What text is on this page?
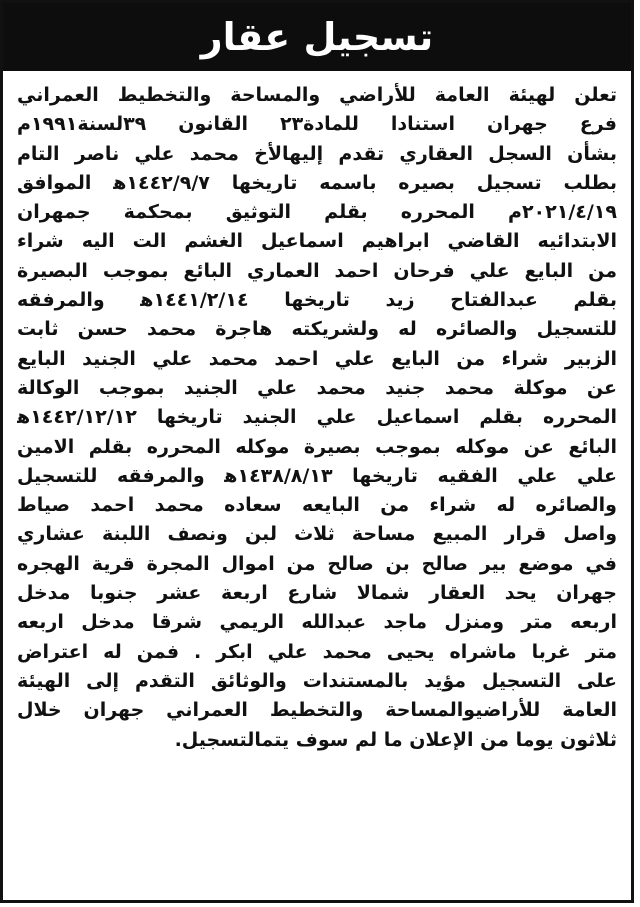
تسجيل عقار
تعلن لهيئة العامة للأراضي والمساحة والتخطيط العمراني
فرع جهران استنادا للمادة٢٣ القانون ٣٩لسنة١٩٩١م
بشأن السجل العقاري تقدم إليهالأخ محمد علي ناصر التام
بطلب تسجيل بصيره باسمه تاريخها ١٤٤٢/٩/٧ﻫ الموافق
٢٠٢١/٤/١٩م المحرره بقلم التوثيق بمحكمة جمهران
الابتدائيه القاضي ابراهيم اسماعيل الغشم الت اليه شراء
من البايع علي فرحان احمد العماري البائع بموجب البصيرة
بقلم عبدالفتاح زيد تاريخها ١٤٤١/٢/١٤ﻫ والمرفقه
للتسجيل والصائره له ولشريكته هاجرة محمد حسن ثابت
الزبير شراء من البايع علي احمد محمد علي الجنيد البايع
عن موكلة محمد جنيد محمد علي الجنيد بموجب الوكالة
المحرره بقلم اسماعيل علي الجنيد تاريخها ١٤٤٢/١٢/١٢ﻫ
البائع عن موكله بموجب بصيرة موكله المحرره بقلم الامين
علي علي الفقيه تاريخها ١٤٣٨/٨/١٣ﻫ والمرفقه للتسجيل
والصائره له شراء من البايعه سعاده محمد احمد صياط
واصل قرار المبيع مساحة ثلاث لبن ونصف اللبنة عشاري
في موضع بير صالح بن صالح من اموال المجرة قرية الهجره
جهران يحد العقار شمالا شارع اربعة عشر جنوبا مدخل
اربعه متر ومنزل ماجد عبدالله الريمي شرقا مدخل اربعه
متر غربا ماشراه يحيى محمد علي ابكر . فمن له اعتراض
على التسجيل مؤيد بالمستندات والوثائق التقدم إلى الهيئة
العامة للأراضيوالمساحة والتخطيط العمراني جهران خلال
ثلاثون يوما من الإعلان ما لم سوف يتمالتسجيل.
